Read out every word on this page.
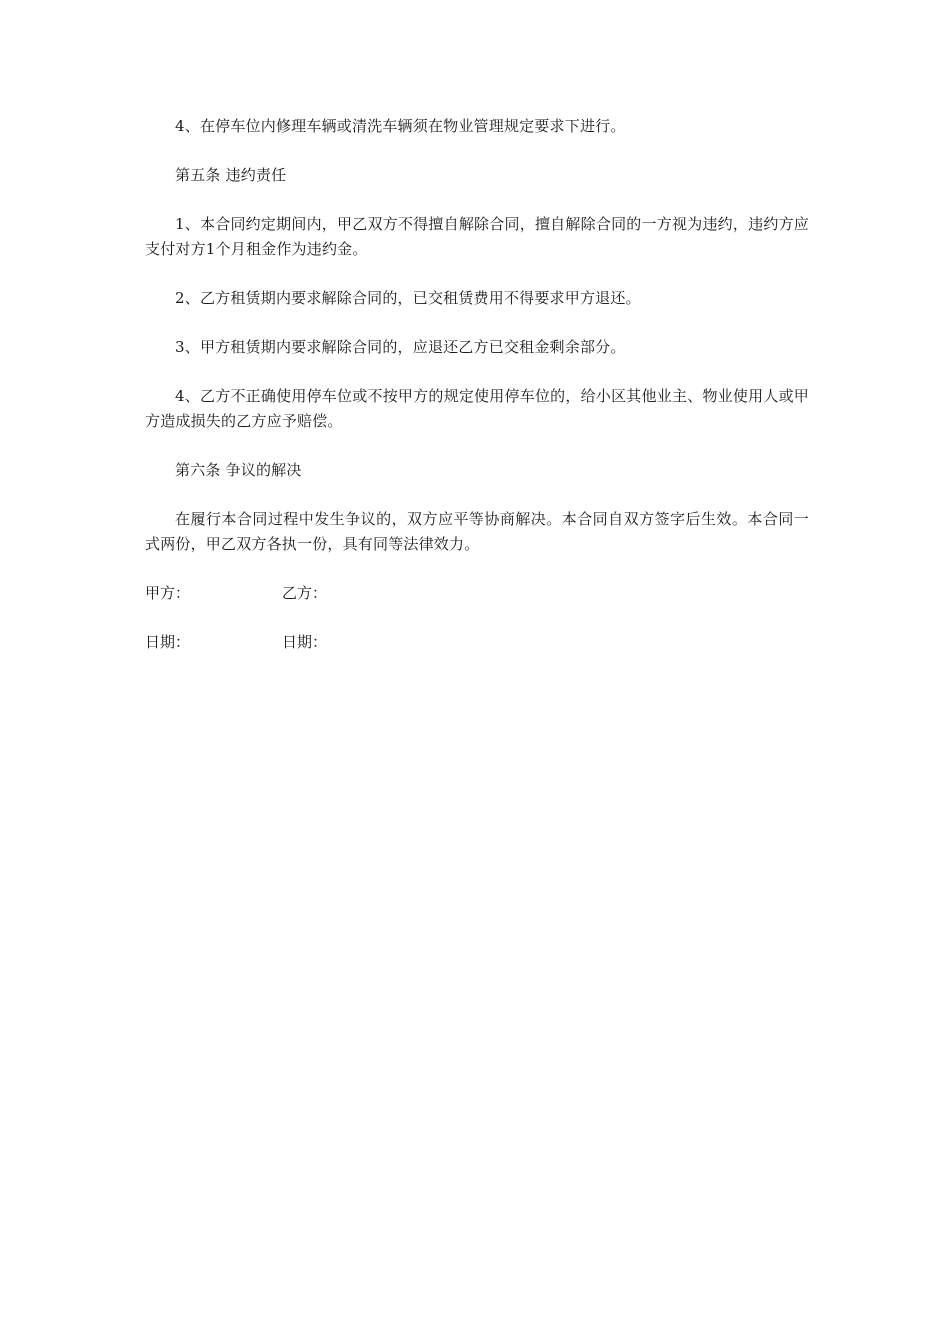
4、在停车位内修理车辆或清洗车辆须在物业管理规定要求下进行。

第五条 违约责任

1、本合同约定期间内，甲乙双方不得擅自解除合同，擅自解除合同的一方视为违约，违约方应支付对方1个月租金作为违约金。

2、乙方租赁期内要求解除合同的，已交租赁费用不得要求甲方退还。

3、甲方租赁期内要求解除合同的，应退还乙方已交租金剩余部分。

4、乙方不正确使用停车位或不按甲方的规定使用停车位的，给小区其他业主、物业使用人或甲方造成损失的乙方应予赔偿。

第六条 争议的解决

在履行本合同过程中发生争议的，双方应平等协商解决。本合同自双方签字后生效。本合同一式两份，甲乙双方各执一份，具有同等法律效力。

甲方：	乙方：
日期：	日期：
